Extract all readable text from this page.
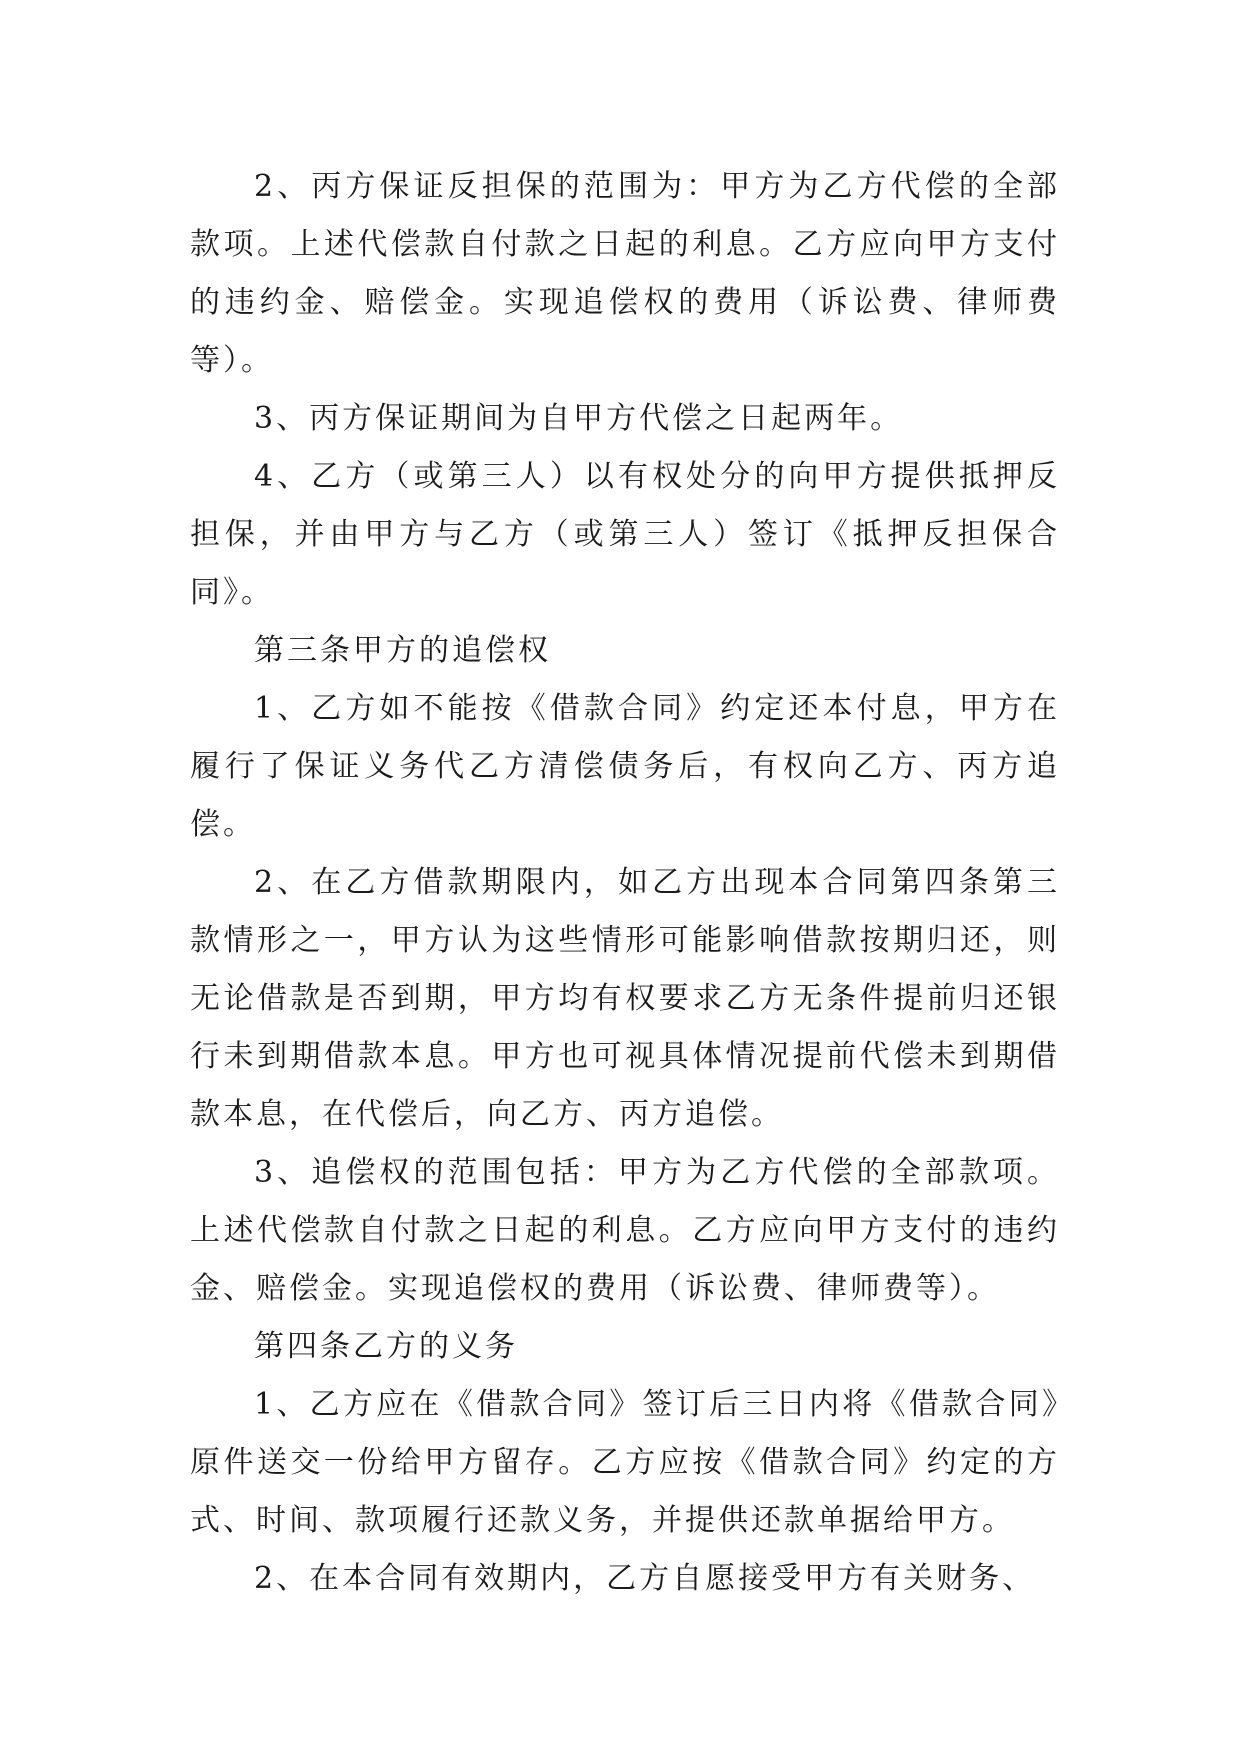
2、丙方保证反担保的范围为：甲方为乙方代偿的全部款项。上述代偿款自付款之日起的利息。乙方应向甲方支付的违约金、赔偿金。实现追偿权的费用（诉讼费、律师费等）。

3、丙方保证期间为自甲方代偿之日起两年。

4、乙方（或第三人）以有权处分的向甲方提供抵押反担保，并由甲方与乙方（或第三人）签订《抵押反担保合同》。

第三条甲方的追偿权

1、乙方如不能按《借款合同》约定还本付息，甲方在履行了保证义务代乙方清偿债务后，有权向乙方、丙方追偿。

2、在乙方借款期限内，如乙方出现本合同第四条第三款情形之一，甲方认为这些情形可能影响借款按期归还，则无论借款是否到期，甲方均有权要求乙方无条件提前归还银行未到期借款本息。甲方也可视具体情况提前代偿未到期借款本息，在代偿后，向乙方、丙方追偿。

3、追偿权的范围包括：甲方为乙方代偿的全部款项。上述代偿款自付款之日起的利息。乙方应向甲方支付的违约金、赔偿金。实现追偿权的费用（诉讼费、律师费等）。

第四条乙方的义务

1、乙方应在《借款合同》签订后三日内将《借款合同》原件送交一份给甲方留存。乙方应按《借款合同》约定的方式、时间、款项履行还款义务，并提供还款单据给甲方。

2、在本合同有效期内，乙方自愿接受甲方有关财务、
